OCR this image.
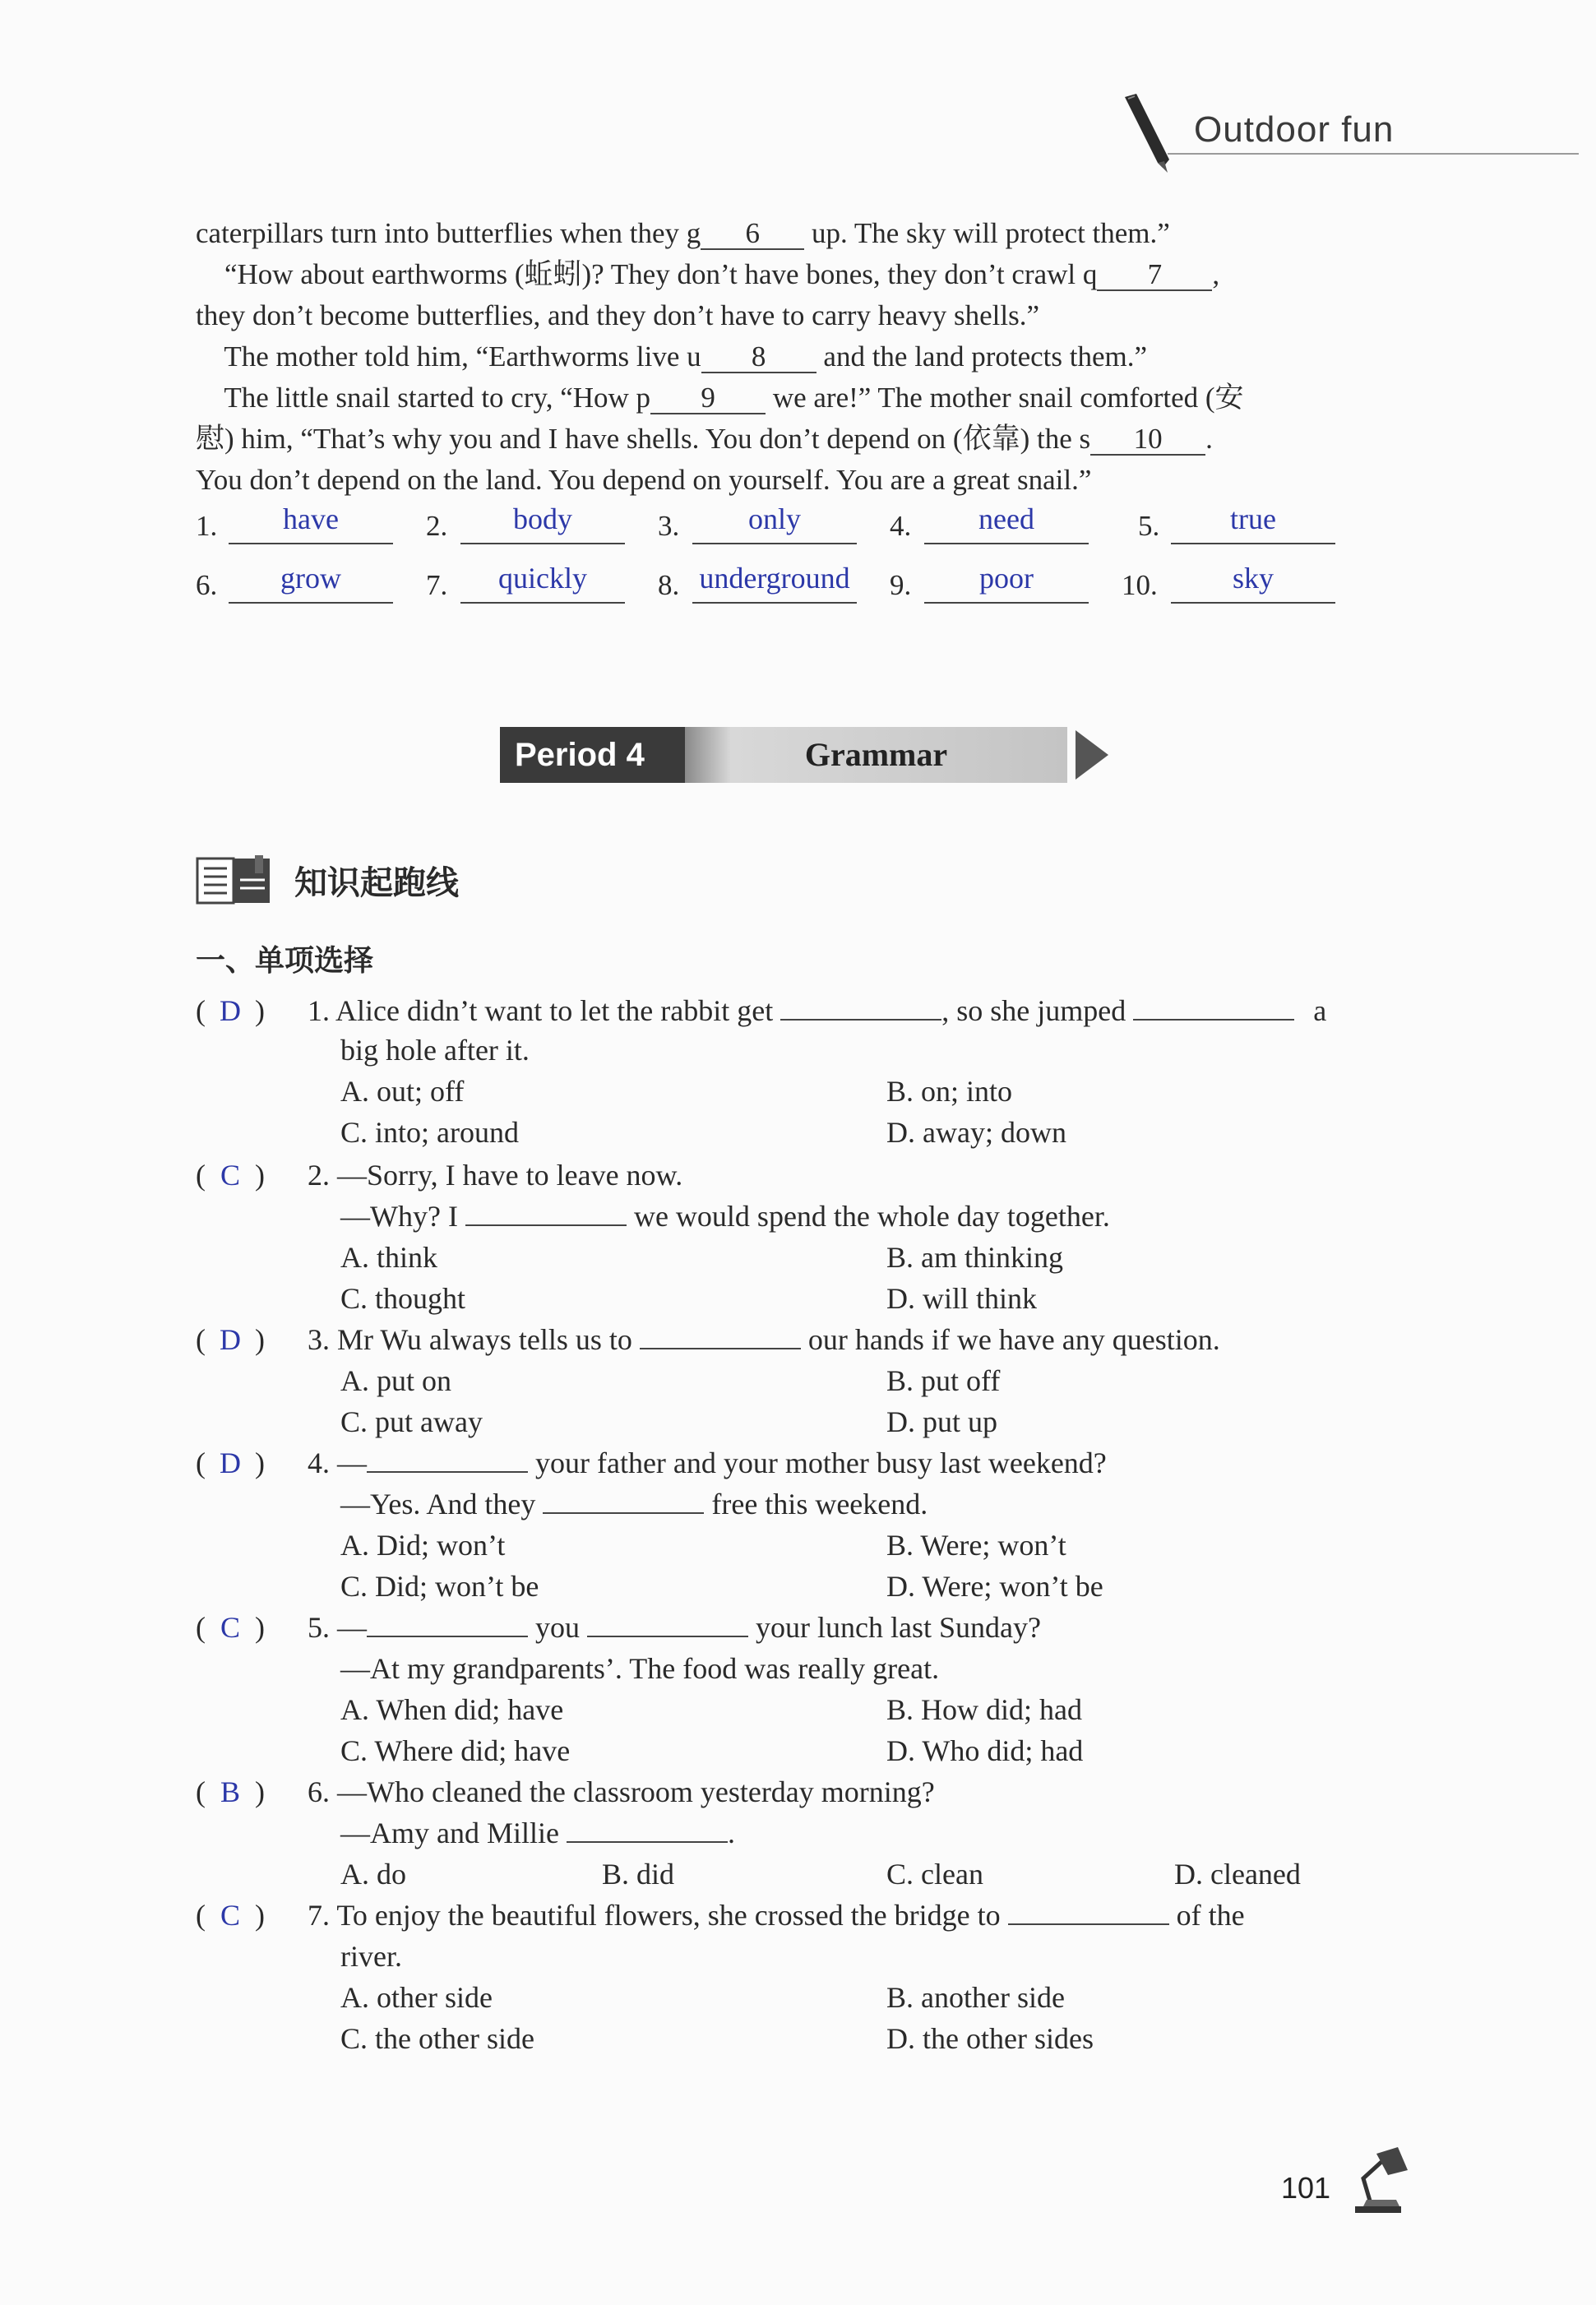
Outdoor fun
caterpillars turn into butterflies when they g 6 up. The sky will protect them.”
“How about earthworms (蚯蚓)? They don’t have bones, they don’t crawl q 7 ,
they don’t become butterflies, and they don’t have to carry heavy shells.”
The mother told him, “Earthworms live u 8 and the land protects them.”
The little snail started to cry, “How p 9 we are!” The mother snail comforted (安
慰) him, “That’s why you and I have shells. You don’t depend on (依靠) the s 10 .
You don’t depend on the land. You depend on yourself. You are a great snail.”
1.	have	2.	body	3.	only	4.	need	5.	true
6.	grow	7.	quickly	8. underground 9.	poor	10.	sky
Period 4	Grammar
知识起跑线
一、单项选择
( D ) 1. Alice didn’t want to let the rabbit get	, so she jumped	a
big hole after it.
A. out; off	B. on; into
C. into; around	D. away; down
( C ) 2. —Sorry, I have to leave now.
—Why? I	we would spend the whole day together.
A. think	B. am thinking
C. thought	D. will think
( D ) 3. Mr Wu always tells us to	our hands if we have any question.
A. put on	B. put off
C. put away	D. put up
( D ) 4. —	your father and your mother busy last weekend?
—Yes. And they	free this weekend.
A. Did; won’t	B. Were; won’t
C. Did; won’t be	D. Were; won’t be
( C ) 5. —	you	your lunch last Sunday?
—At my grandparents’. The food was really great.
A. When did; have	B. How did; had
C. Where did; have	D. Who did; had
( B ) 6. —Who cleaned the classroom yesterday morning?
—Amy and Millie	.
A. do	B. did	C. clean	D. cleaned
( C ) 7. To enjoy the beautiful flowers, she crossed the bridge to	of the
river.
A. other side	B. another side
C. the other side	D. the other sides
101
